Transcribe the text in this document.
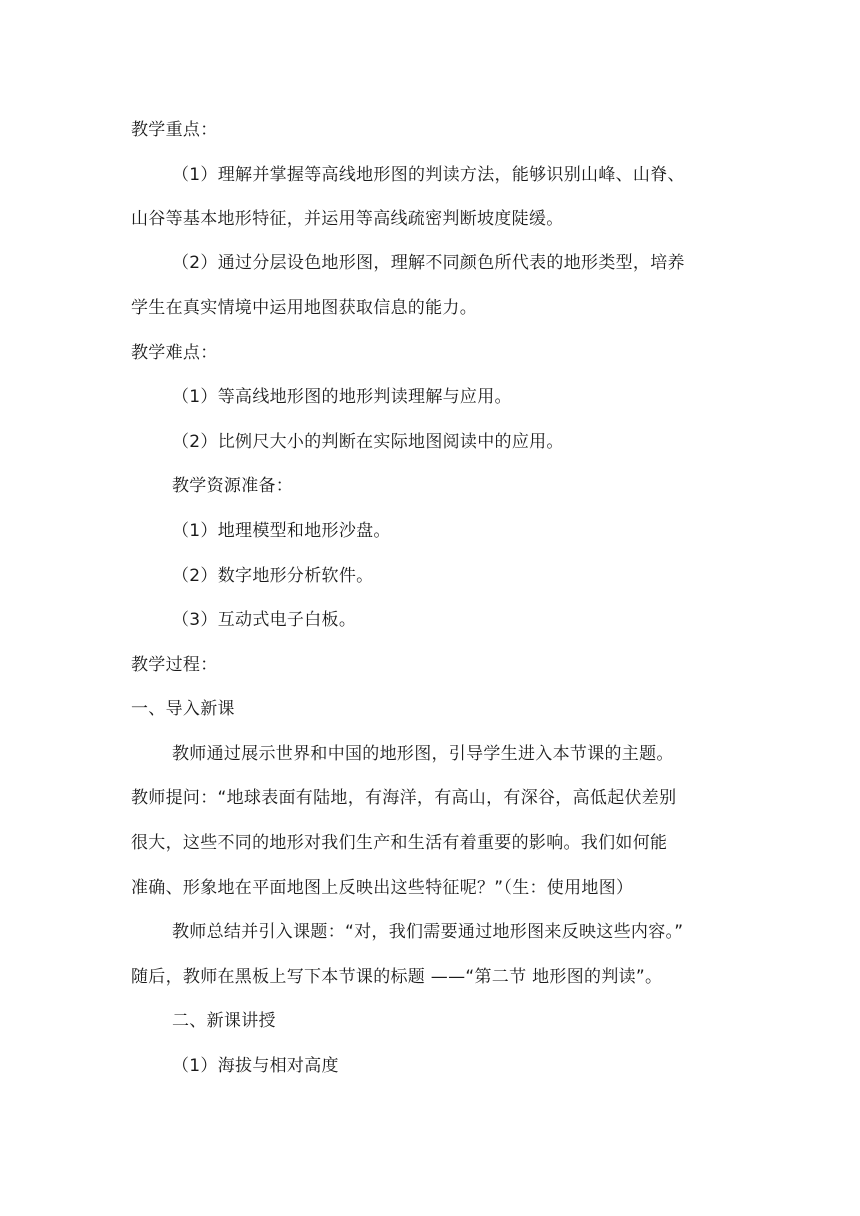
教学重点：
（1）理解并掌握等高线地形图的判读方法，能够识别山峰、山脊、
山谷等基本地形特征，并运用等高线疏密判断坡度陡缓。
（2）通过分层设色地形图，理解不同颜色所代表的地形类型，培养
学生在真实情境中运用地图获取信息的能力。
教学难点：
（1）等高线地形图的地形判读理解与应用。
（2）比例尺大小的判断在实际地图阅读中的应用。
教学资源准备：
（1）地理模型和地形沙盘。
（2）数字地形分析软件。
（3）互动式电子白板。
教学过程：
一、导入新课
教师通过展示世界和中国的地形图，引导学生进入本节课的主题。
教师提问：“地球表面有陆地，有海洋，有高山，有深谷，高低起伏差别
很大，这些不同的地形对我们生产和生活有着重要的影响。我们如何能
准确、形象地在平面地图上反映出这些特征呢？”（生：使用地图）
教师总结并引入课题：“对，我们需要通过地形图来反映这些内容。”
随后，教师在黑板上写下本节课的标题 ——“第二节 地形图的判读”。
二、新课讲授
（1）海拔与相对高度
